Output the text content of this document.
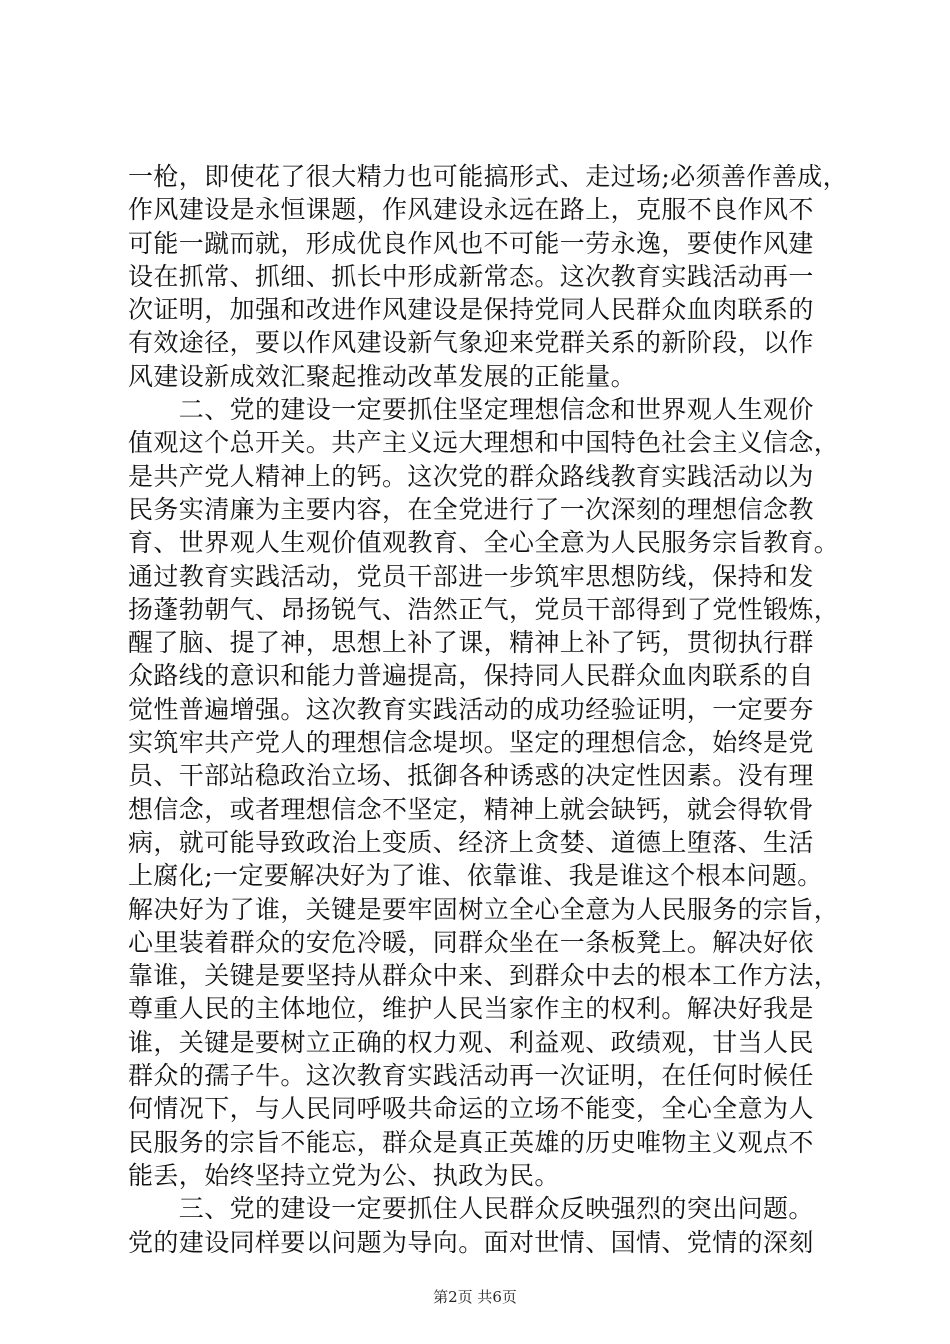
一枪，即使花了很大精力也可能搞形式、走过场;必须善作善成，
作风建设是永恒课题，作风建设永远在路上，克服不良作风不
可能一蹴而就，形成优良作风也不可能一劳永逸，要使作风建
设在抓常、抓细、抓长中形成新常态。这次教育实践活动再一
次证明，加强和改进作风建设是保持党同人民群众血肉联系的
有效途径，要以作风建设新气象迎来党群关系的新阶段，以作
风建设新成效汇聚起推动改革发展的正能量。
　　二、党的建设一定要抓住坚定理想信念和世界观人生观价
值观这个总开关。共产主义远大理想和中国特色社会主义信念，
是共产党人精神上的钙。这次党的群众路线教育实践活动以为
民务实清廉为主要内容，在全党进行了一次深刻的理想信念教
育、世界观人生观价值观教育、全心全意为人民服务宗旨教育。
通过教育实践活动，党员干部进一步筑牢思想防线，保持和发
扬蓬勃朝气、昂扬锐气、浩然正气，党员干部得到了党性锻炼，
醒了脑、提了神，思想上补了课，精神上补了钙，贯彻执行群
众路线的意识和能力普遍提高，保持同人民群众血肉联系的自
觉性普遍增强。这次教育实践活动的成功经验证明，一定要夯
实筑牢共产党人的理想信念堤坝。坚定的理想信念，始终是党
员、干部站稳政治立场、抵御各种诱惑的决定性因素。没有理
想信念，或者理想信念不坚定，精神上就会缺钙，就会得软骨
病，就可能导致政治上变质、经济上贪婪、道德上堕落、生活
上腐化;一定要解决好为了谁、依靠谁、我是谁这个根本问题。
解决好为了谁，关键是要牢固树立全心全意为人民服务的宗旨，
心里装着群众的安危冷暖，同群众坐在一条板凳上。解决好依
靠谁，关键是要坚持从群众中来、到群众中去的根本工作方法，
尊重人民的主体地位，维护人民当家作主的权利。解决好我是
谁，关键是要树立正确的权力观、利益观、政绩观，甘当人民
群众的孺子牛。这次教育实践活动再一次证明，在任何时候任
何情况下，与人民同呼吸共命运的立场不能变，全心全意为人
民服务的宗旨不能忘，群众是真正英雄的历史唯物主义观点不
能丢，始终坚持立党为公、执政为民。
　　三、党的建设一定要抓住人民群众反映强烈的突出问题。
党的建设同样要以问题为导向。面对世情、国情、党情的深刻
第2页 共6页
